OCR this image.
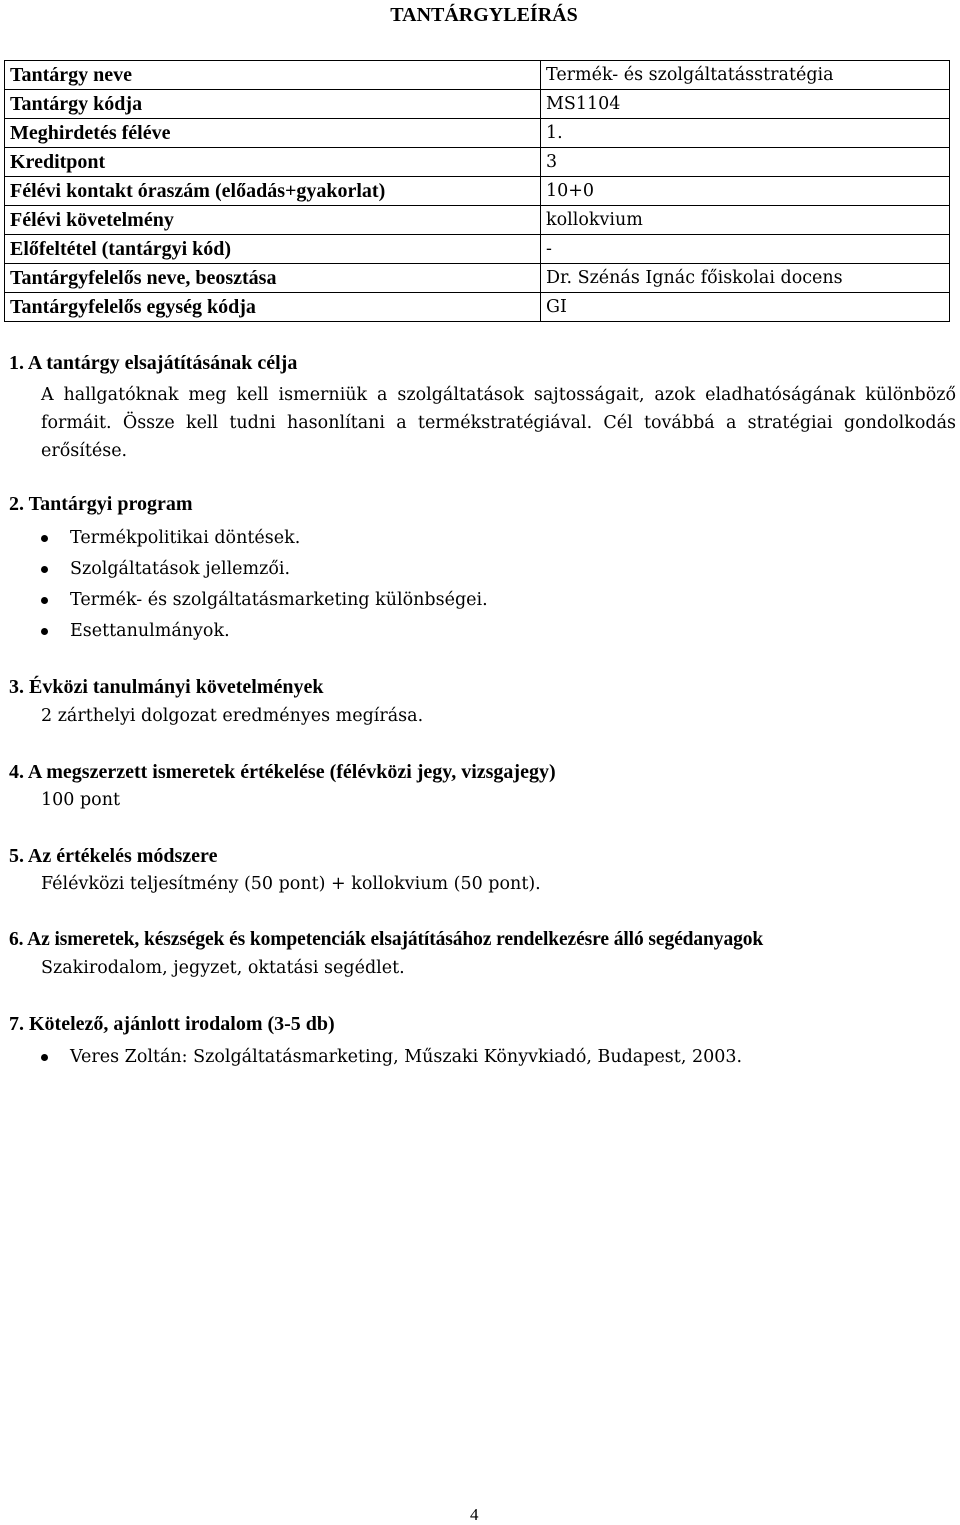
TANTÁRGYLEÍRÁS
Tantárgy neve	Termék- és szolgáltatásstratégia
Tantárgy kódja	MS1104
Meghirdetés féléve	1.
Kreditpont	3
Félévi kontakt óraszám (előadás+gyakorlat)	10+0
Félévi követelmény	kollokvium
Előfeltétel (tantárgyi kód)	-
Tantárgyfelelős neve, beosztása	Dr. Szénás Ignác főiskolai docens
Tantárgyfelelős egység kódja	GI
1. A tantárgy elsajátításának célja
A hallgatóknak meg kell ismerniük a szolgáltatások sajtosságait, azok eladhatóságának különböző formáit. Össze kell tudni hasonlítani a termékstratégiával. Cél továbbá a stratégiai gondolkodás erősítése.
2. Tantárgyi program
Termékpolitikai döntések.
Szolgáltatások jellemzői.
Termék- és szolgáltatásmarketing különbségei.
Esettanulmányok.
3. Évközi tanulmányi követelmények
2 zárthelyi dolgozat eredményes megírása.
4. A megszerzett ismeretek értékelése (félévközi jegy, vizsgajegy)
100 pont
5. Az értékelés módszere
Félévközi teljesítmény (50 pont) + kollokvium (50 pont).
6. Az ismeretek, készségek és kompetenciák elsajátításához rendelkezésre álló segédanyagok
Szakirodalom, jegyzet, oktatási segédlet.
7. Kötelező, ajánlott irodalom (3-5 db)
Veres Zoltán: Szolgáltatásmarketing, Műszaki Könyvkiadó, Budapest, 2003.
4
